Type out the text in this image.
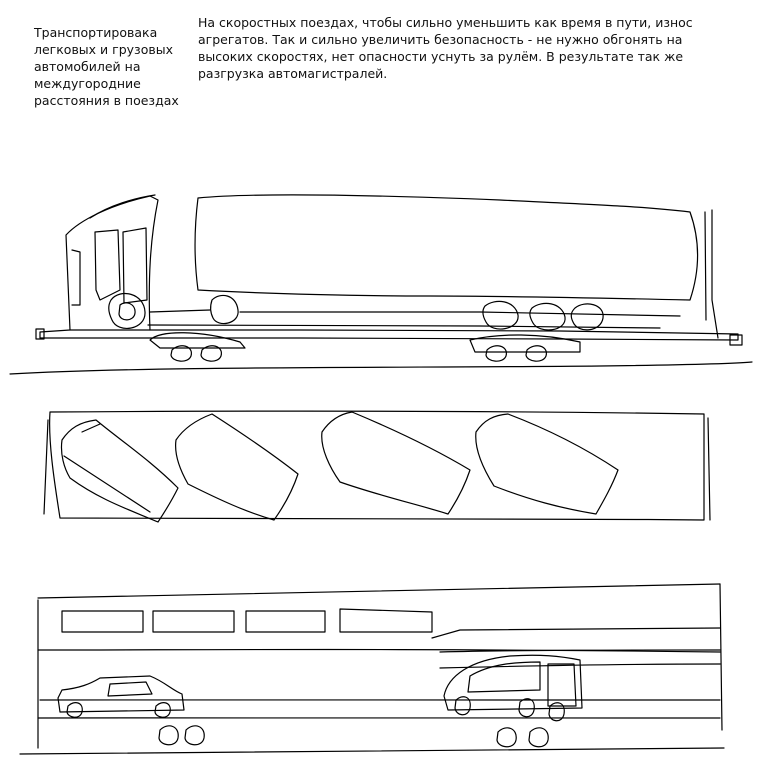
Транспортировака легковых и грузовых автомобилей на междугородние расстояния в поездах

На скоростных поездах, чтобы сильно уменьшить как время в пути, износ агрегатов. Так и сильно увеличить безопасность - не нужно обгонять на высоких скоростях, нет опасности уснуть за рулём. В результате так же разгрузка автомагистралей.
